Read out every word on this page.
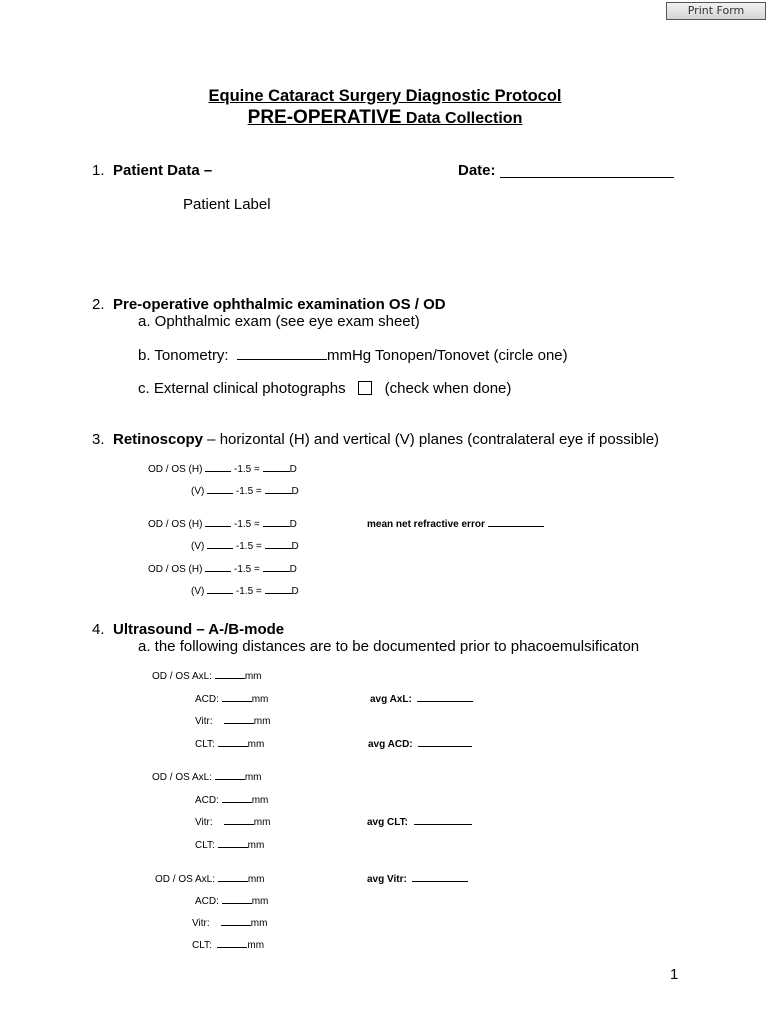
Print Form
Equine Cataract Surgery Diagnostic Protocol
PRE-OPERATIVE Data Collection
1. Patient Data –	Date:
Patient Label
2. Pre-operative ophthalmic examination OS / OD
a. Ophthalmic exam (see eye exam sheet)
b. Tonometry:	mmHg Tonopen/Tonovet (circle one)
c. External clinical photographs	(check when done)
3. Retinoscopy – horizontal (H) and vertical (V) planes (contralateral eye if possible)
OD / OS (H)	-1.5 =	D
(V)	-1.5 =	D
OD / OS (H)	-1.5 =	D	mean net refractive error
(V)	-1.5 =	D
OD / OS (H)	-1.5 =	D
(V)	-1.5 =	D
4. Ultrasound – A-/B-mode
a. the following distances are to be documented prior to phacoemulsificaton
OD / OS AxL:	mm
ACD:	mm	avg AxL:
Vitr:	mm
CLT:	mm	avg ACD:
OD / OS AxL:	mm
ACD:	mm
Vitr:	mm	avg CLT:
CLT:	mm
OD / OS AxL:	mm	avg Vitr:
ACD:	mm
Vitr:	mm
CLT:	mm
1
